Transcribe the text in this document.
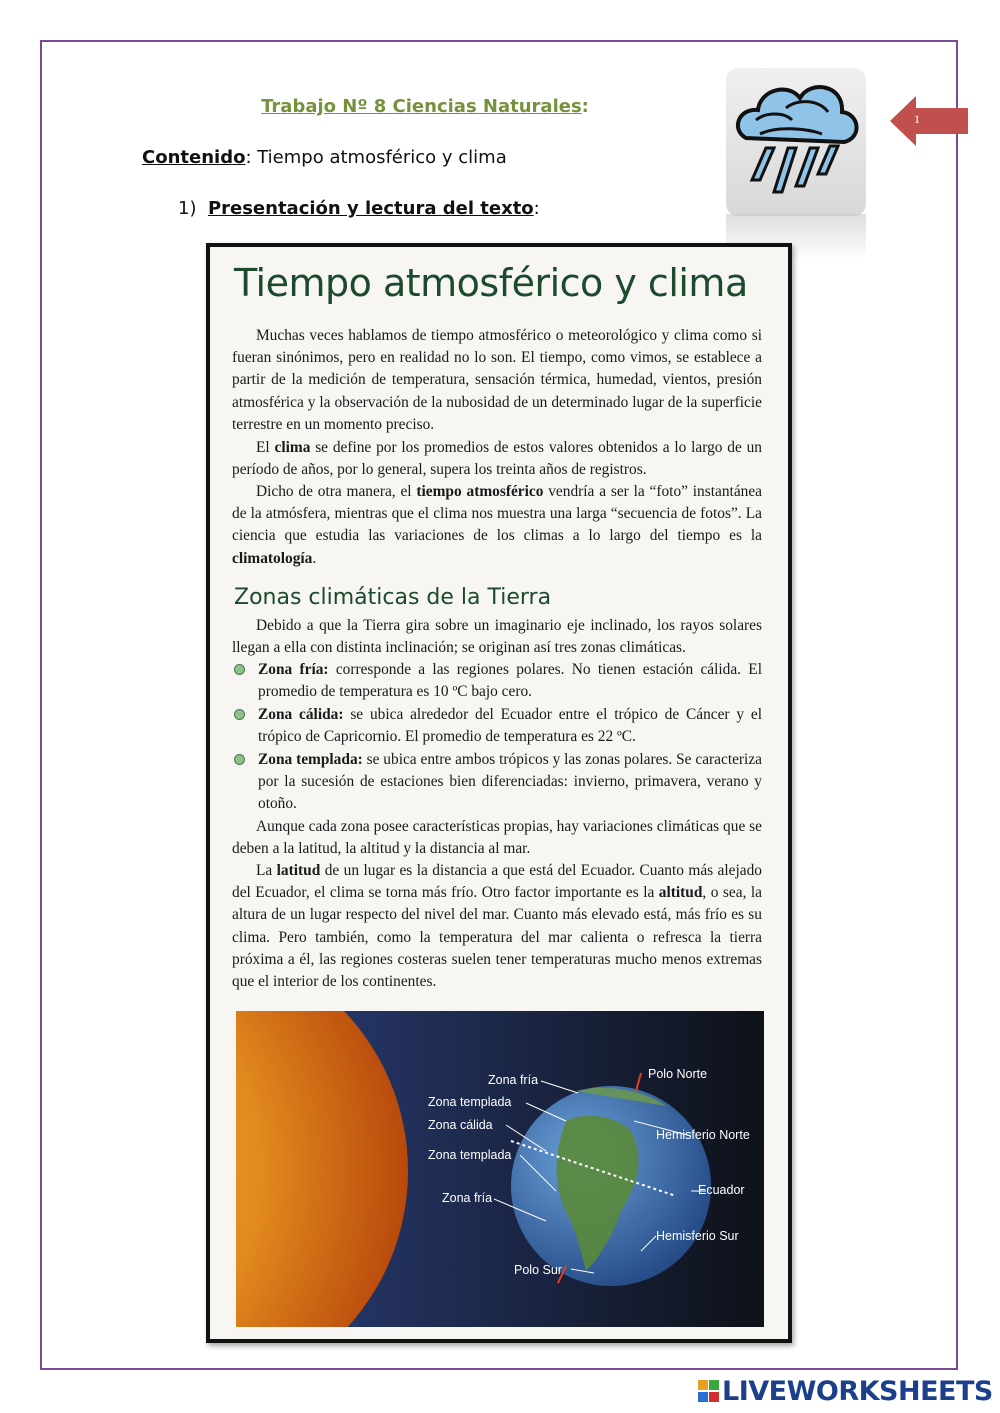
Trabajo Nº 8 Ciencias Naturales:
Contenido: Tiempo atmosférico y clima
1) Presentación y lectura del texto:
1
Tiempo atmosférico y clima

Muchas veces hablamos de tiempo atmosférico o meteorológico y clima como si fueran sinónimos, pero en realidad no lo son. El tiempo, como vimos, se establece a partir de la medición de temperatura, sensación térmica, humedad, vientos, presión atmosférica y la observación de la nubosidad de un determinado lugar de la superficie terrestre en un momento preciso.

El clima se define por los promedios de estos valores obtenidos a lo largo de un período de años, por lo general, supera los treinta años de registros.

Dicho de otra manera, el tiempo atmosférico vendría a ser la “foto” instantánea de la atmósfera, mientras que el clima nos muestra una larga “secuencia de fotos”. La ciencia que estudia las variaciones de los climas a lo largo del tiempo es la climatología.

Zonas climáticas de la Tierra

Debido a que la Tierra gira sobre un imaginario eje inclinado, los rayos solares llegan a ella con distinta inclinación; se originan así tres zonas climáticas.

Zona fría: corresponde a las regiones polares. No tienen estación cálida. El promedio de temperatura es 10 ºC bajo cero.

Zona cálida: se ubica alrededor del Ecuador entre el trópico de Cáncer y el trópico de Capricornio. El promedio de temperatura es 22 ºC.

Zona templada: se ubica entre ambos trópicos y las zonas polares. Se caracteriza por la sucesión de estaciones bien diferenciadas: invierno, primavera, verano y otoño.

Aunque cada zona posee características propias, hay variaciones climáticas que se deben a la latitud, la altitud y la distancia al mar.

La latitud de un lugar es la distancia a que está del Ecuador. Cuanto más alejado del Ecuador, el clima se torna más frío. Otro factor importante es la altitud, o sea, la altura de un lugar respecto del nivel del mar. Cuanto más elevado está, más frío es su clima. Pero también, como la temperatura del mar calienta o refresca la tierra próxima a él, las regiones costeras suelen tener temperaturas mucho menos extremas que el interior de los continentes.

Zona fría
Zona templada
Zona cálida
Zona templada
Zona fría
Polo Norte
Hemisferio Norte
Ecuador
Hemisferio Sur
Polo Sur
LIVEWORKSHEETS
